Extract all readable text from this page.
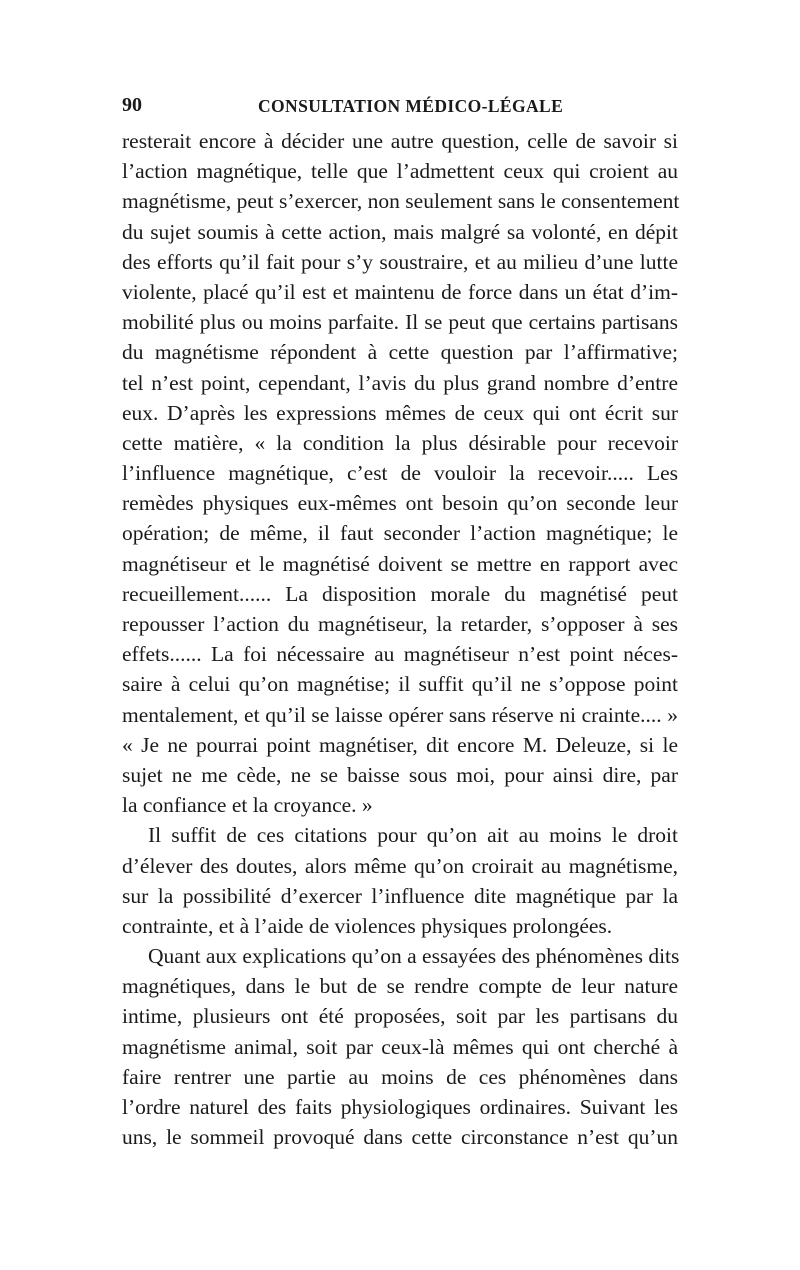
90	CONSULTATION MÉDICO-LÉGALE
resterait encore à décider une autre question, celle de savoir si
l’action magnétique, telle que l’admettent ceux qui croient au
magnétisme, peut s’exercer, non seulement sans le consentement
du sujet soumis à cette action, mais malgré sa volonté, en dépit
des efforts qu’il fait pour s’y soustraire, et au milieu d’une lutte
violente, placé qu’il est et maintenu de force dans un état d’im-
mobilité plus ou moins parfaite. Il se peut que certains partisans
du magnétisme répondent à cette question par l’affirmative;
tel n’est point, cependant, l’avis du plus grand nombre d’entre
eux. D’après les expressions mêmes de ceux qui ont écrit sur
cette matière, « la condition la plus désirable pour recevoir
l’influence magnétique, c’est de vouloir la recevoir..... Les
remèdes physiques eux-mêmes ont besoin qu’on seconde leur
opération; de même, il faut seconder l’action magnétique; le
magnétiseur et le magnétisé doivent se mettre en rapport avec
recueillement...... La disposition morale du magnétisé peut
repousser l’action du magnétiseur, la retarder, s’opposer à ses
effets...... La foi nécessaire au magnétiseur n’est point néces-
saire à celui qu’on magnétise; il suffit qu’il ne s’oppose point
mentalement, et qu’il se laisse opérer sans réserve ni crainte.... »
« Je ne pourrai point magnétiser, dit encore M. Deleuze, si le
sujet ne me cède, ne se baisse sous moi, pour ainsi dire, par
la confiance et la croyance. »
Il suffit de ces citations pour qu’on ait au moins le droit
d’élever des doutes, alors même qu’on croirait au magnétisme,
sur la possibilité d’exercer l’influence dite magnétique par la
contrainte, et à l’aide de violences physiques prolongées.
Quant aux explications qu’on a essayées des phénomènes dits
magnétiques, dans le but de se rendre compte de leur nature
intime, plusieurs ont été proposées, soit par les partisans du
magnétisme animal, soit par ceux-là mêmes qui ont cherché à
faire rentrer une partie au moins de ces phénomènes dans
l’ordre naturel des faits physiologiques ordinaires. Suivant les
uns, le sommeil provoqué dans cette circonstance n’est qu’un
